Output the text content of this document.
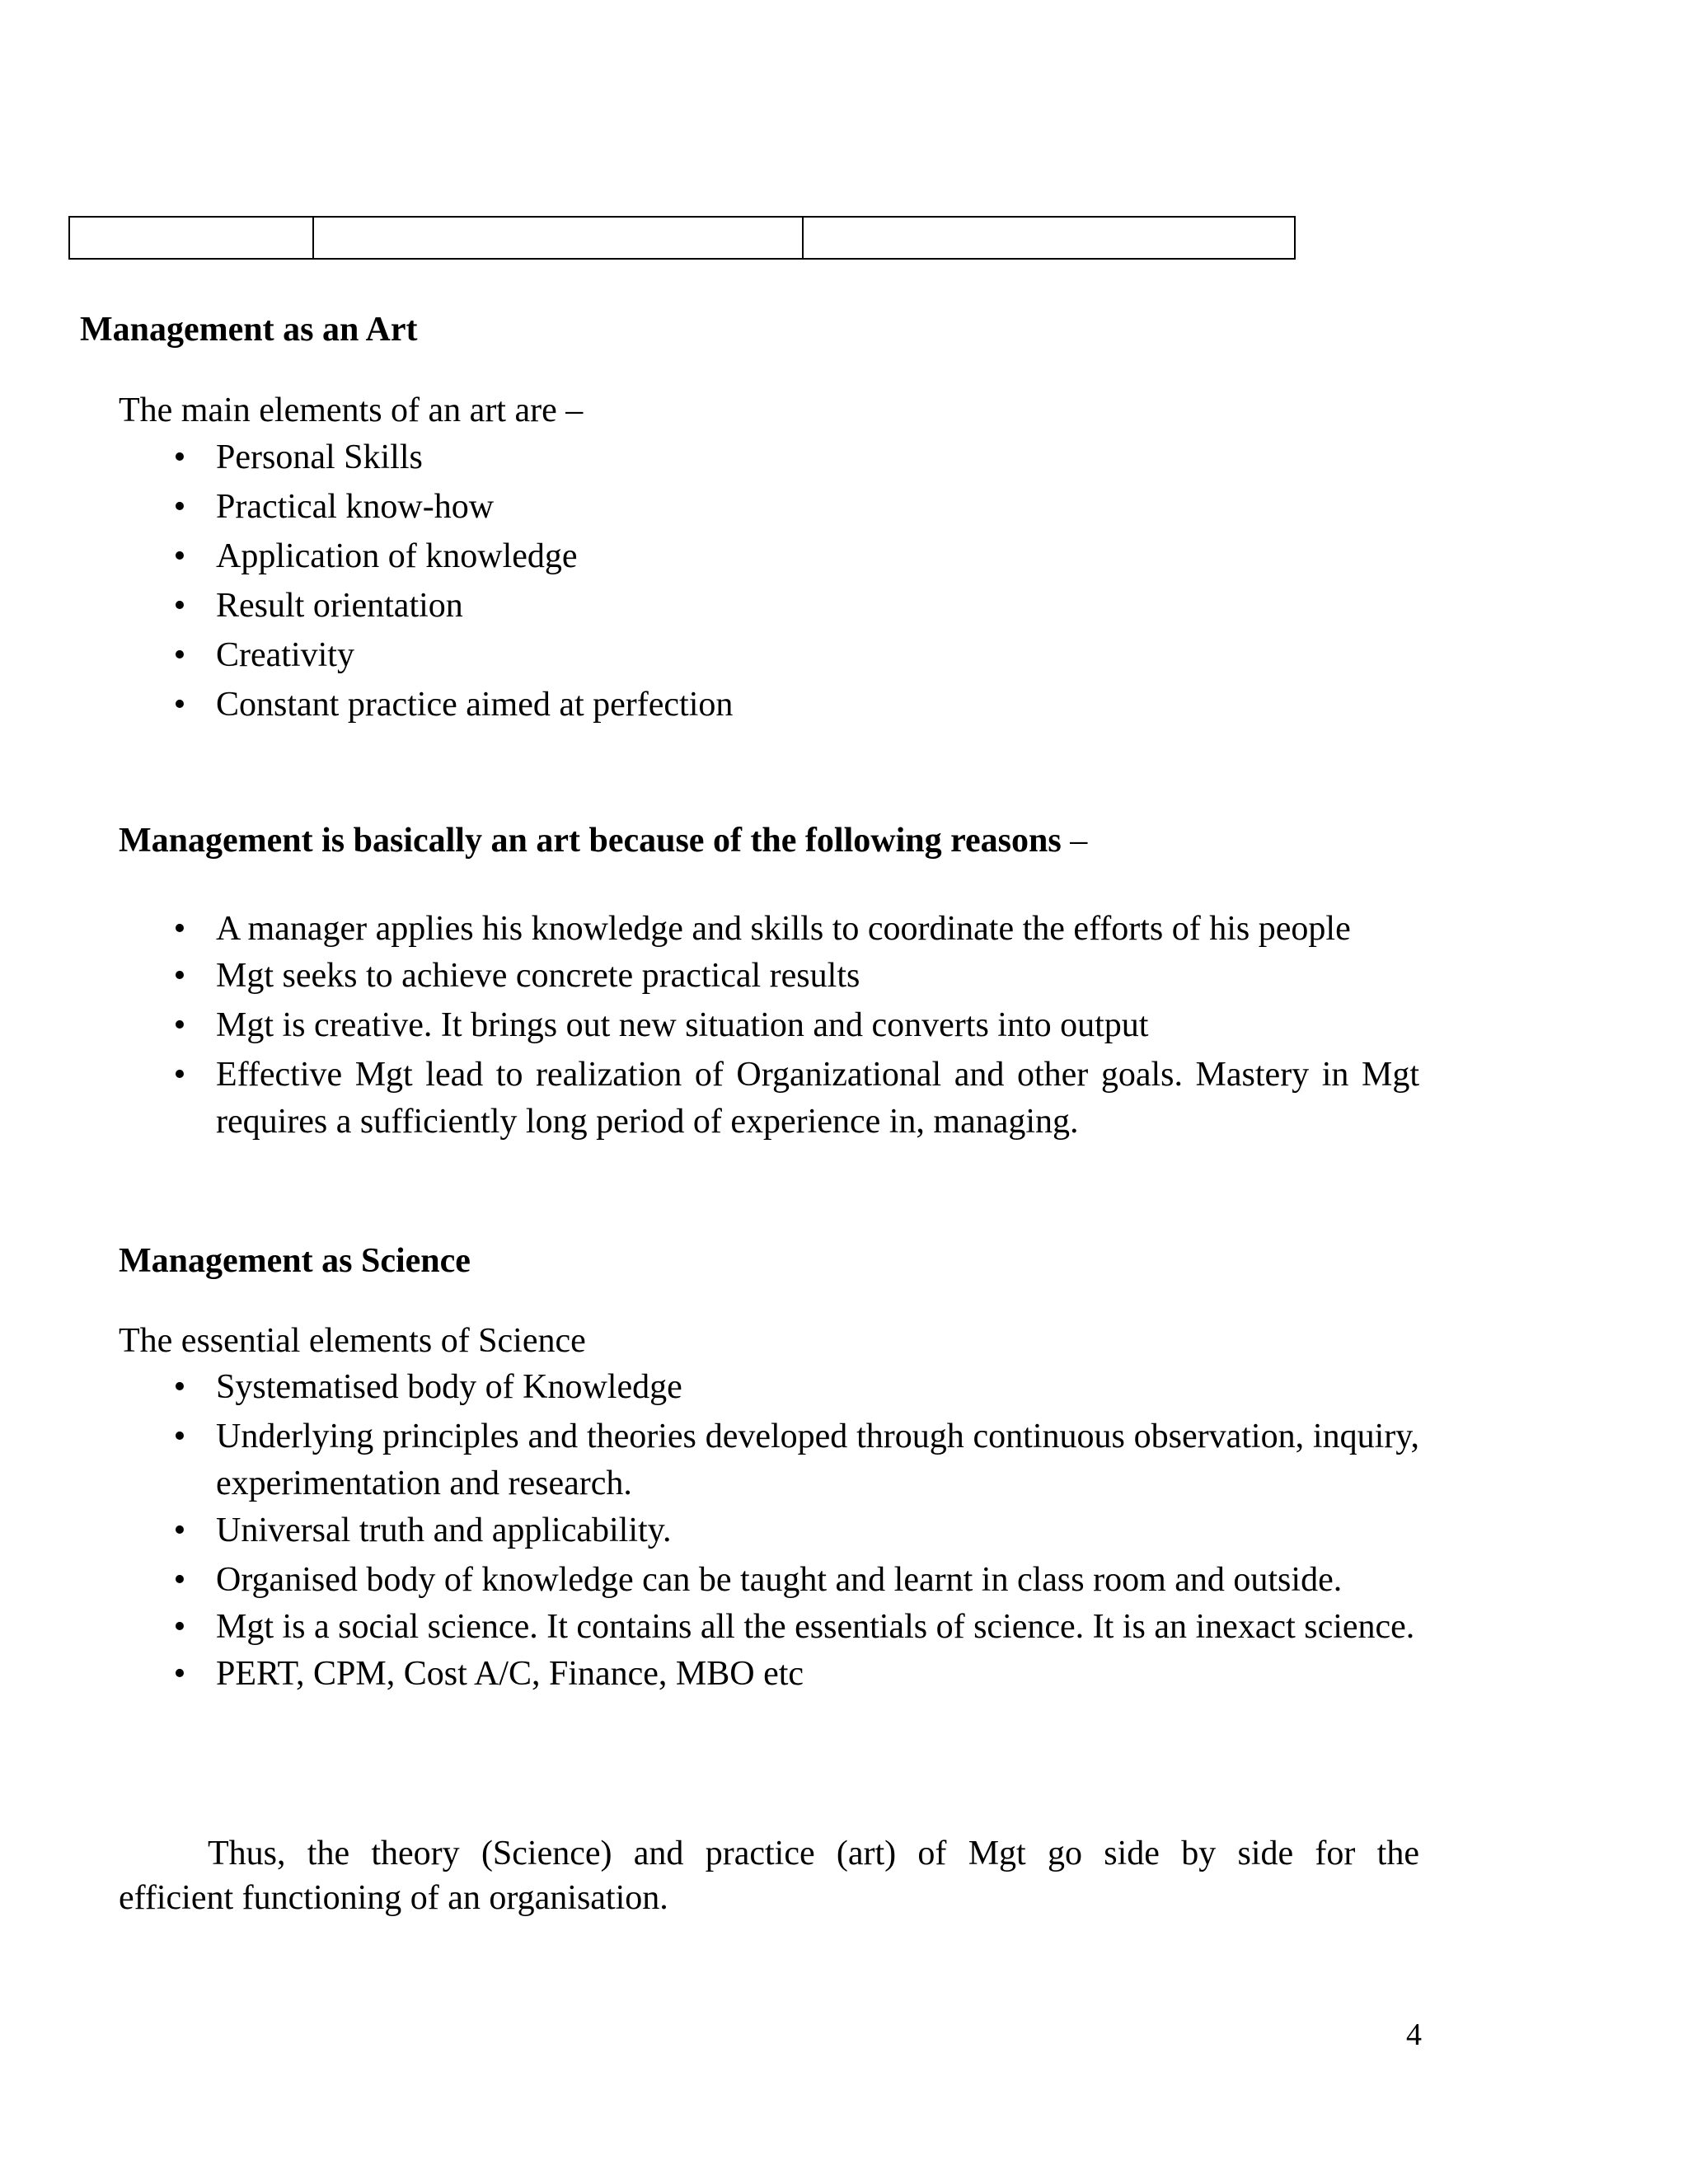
Management as an Art
The main elements of an art are –
• Personal Skills
• Practical know-how
• Application of knowledge
• Result orientation
• Creativity
• Constant practice aimed at perfection
Management is basically an art because of the following reasons –
• A manager applies his knowledge and skills to coordinate the efforts of his people
• Mgt seeks to achieve concrete practical results
• Mgt is creative. It brings out new situation and converts into output
• Effective Mgt lead to realization of Organizational and other goals. Mastery in Mgt requires a sufficiently long period of experience in, managing.
Management as Science
The essential elements of Science
• Systematised body of Knowledge
• Underlying principles and theories developed through continuous observation, inquiry, experimentation and research.
• Universal truth and applicability.
• Organised body of knowledge can be taught and learnt in class room and outside.
• Mgt is a social science. It contains all the essentials of science. It is an inexact science.
• PERT, CPM, Cost A/C, Finance, MBO etc
Thus, the theory (Science) and practice (art) of Mgt go side by side for the
efficient functioning of an organisation.
4
